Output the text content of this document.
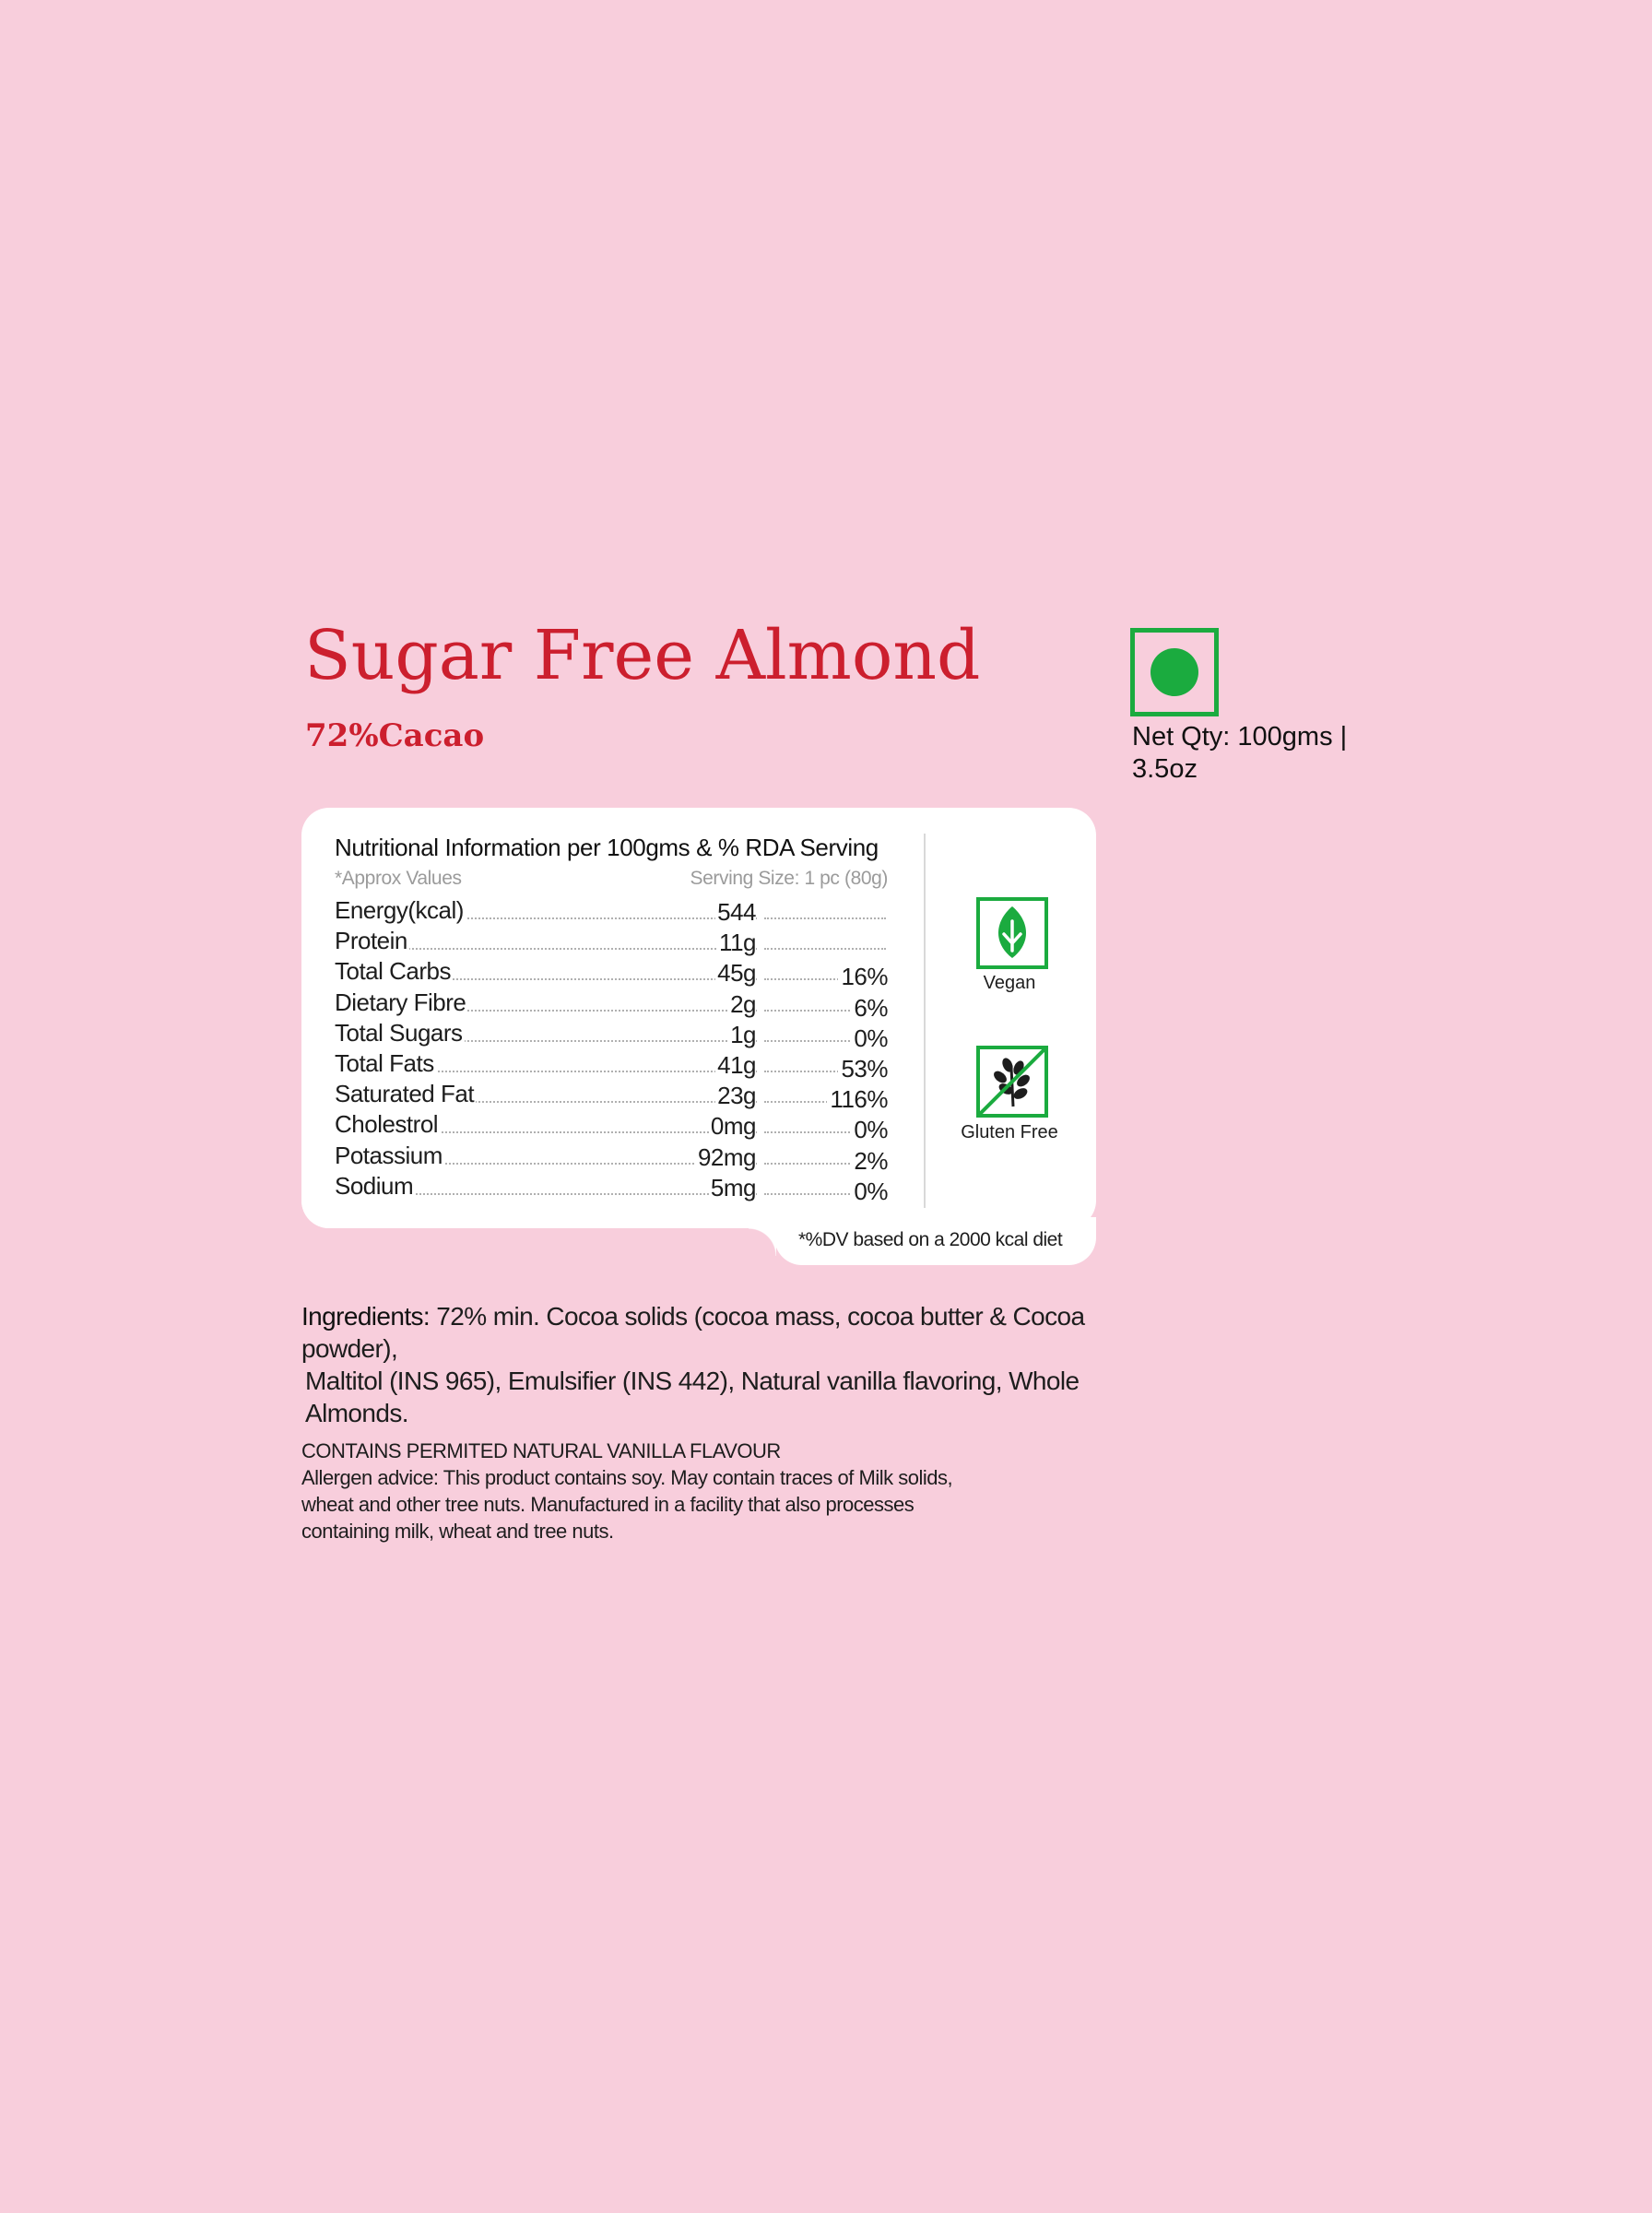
Sugar Free Almond
72%Cacao	Net Qty: 100gms |
3.5oz
*%DV based on a 2000 kcal diet
Nutritional Information per 100gms & % RDA Serving
*Approx Values	Serving Size: 1 pc (80g)
Energy(kcal)	544
Protein	11g
Total Carbs	45g	16%
Dietary Fibre	2g	6%
Total Sugars	1g	0%
Total Fats	41g	53%
Saturated Fat	23g	116%
Cholestrol	0mg	0%
Potassium	92mg	2%
Sodium	5mg	0%
Vegan
Gluten Free
Ingredients: 72% min. Cocoa solids (cocoa mass, cocoa butter & Cocoa powder),
Maltitol (INS 965), Emulsifier (INS 442), Natural vanilla flavoring, Whole Almonds.
CONTAINS PERMITED NATURAL VANILLA FLAVOUR
Allergen advice: This product contains soy. May contain traces of Milk solids,
wheat and other tree nuts. Manufactured in a facility that also processes
containing milk, wheat and tree nuts.
